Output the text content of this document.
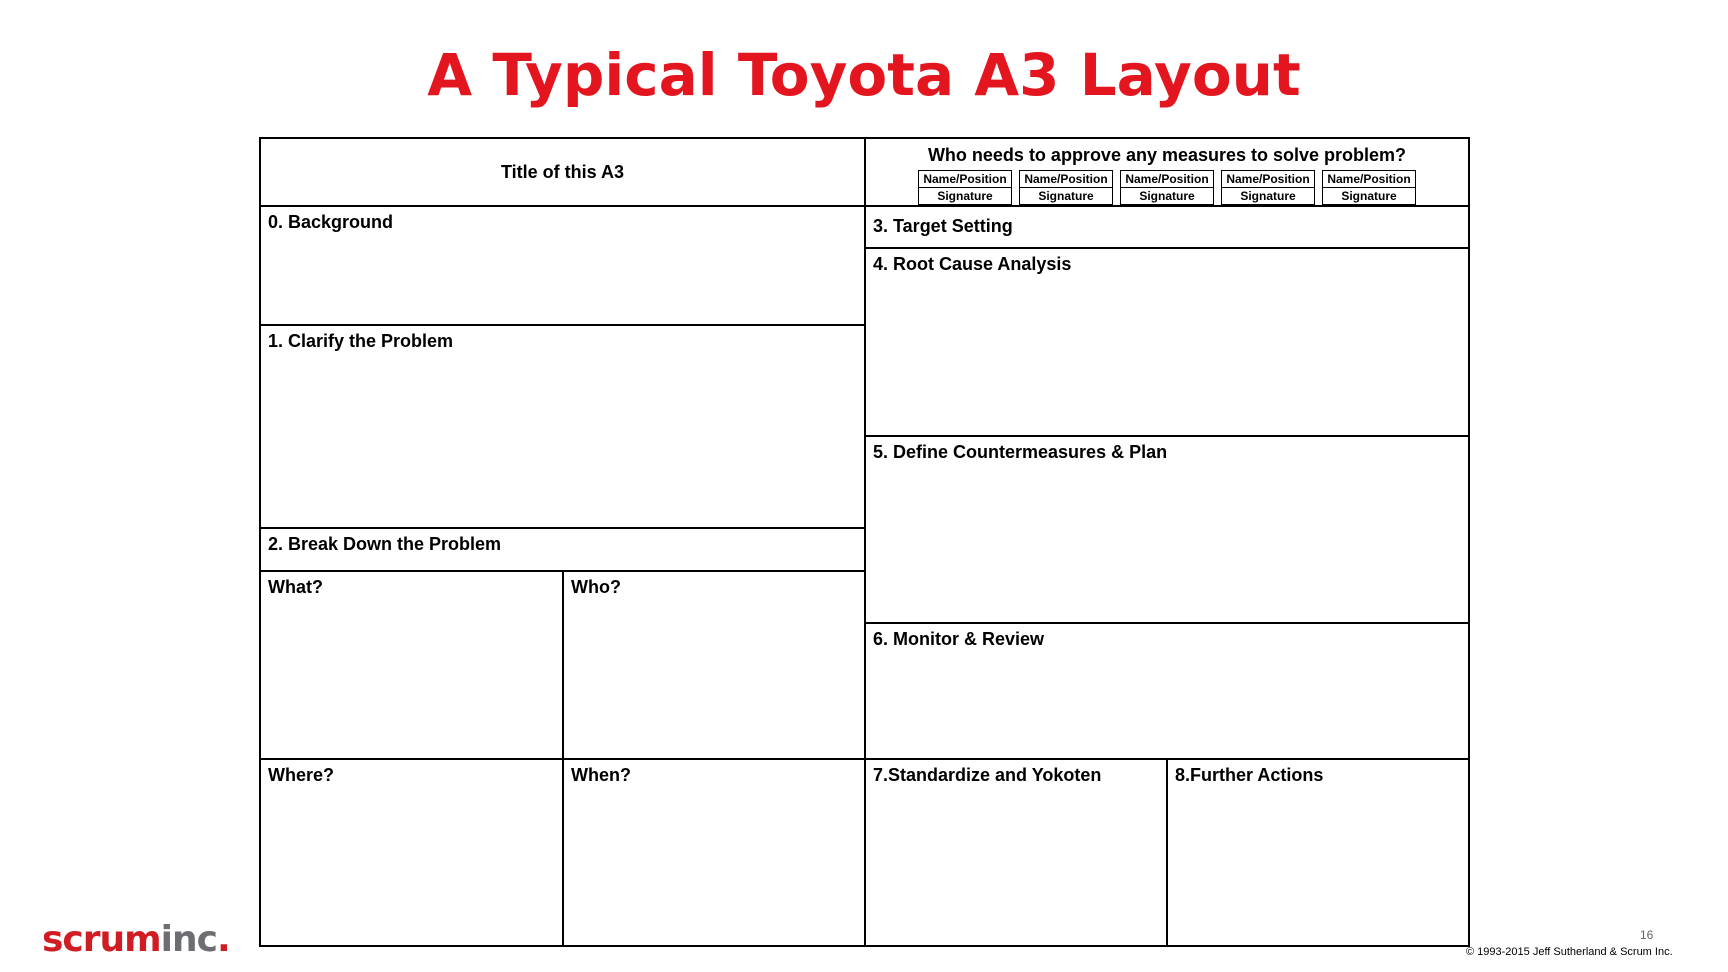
A Typical Toyota A3 Layout
Title of this A3
Who needs to approve any measures to solve problem?
Name/Position
Signature
Name/Position
Signature
Name/Position
Signature
Name/Position
Signature
Name/Position
Signature
0. Background
1. Clarify the Problem
2. Break Down the Problem
What?	Who?
Where?	When?
3. Target Setting
4. Root Cause Analysis
5. Define Countermeasures & Plan
6. Monitor & Review
7.Standardize and Yokoten	8.Further Actions
scruminc.	16
© 1993-2015 Jeff Sutherland & Scrum Inc.
